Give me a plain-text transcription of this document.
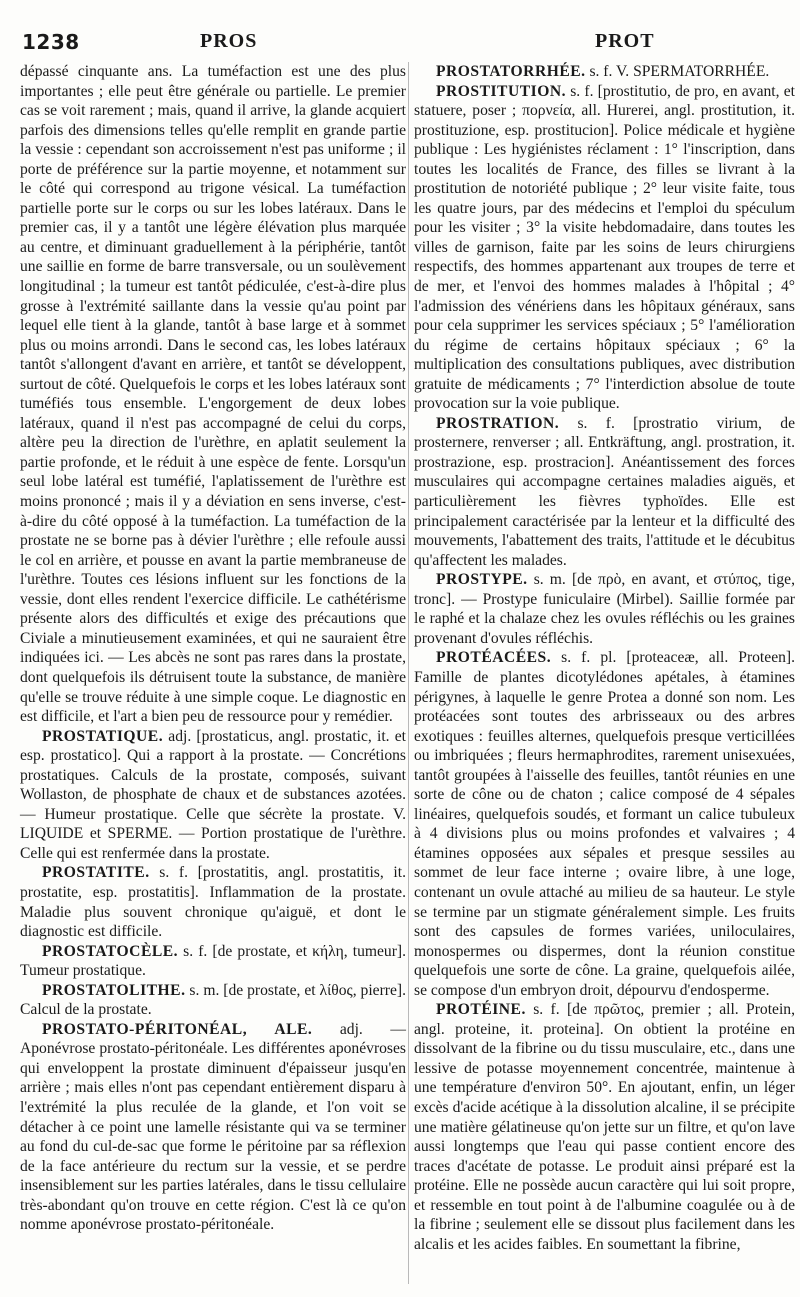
1238	PROS	PROT

dépassé cinquante ans. La tuméfaction est une des plus importantes ; elle peut être générale ou partielle. Le premier cas se voit rarement ; mais, quand il arrive, la glande acquiert parfois des dimensions telles qu'elle remplit en grande partie la vessie : cependant son accroissement n'est pas uniforme ; il porte de préférence sur la partie moyenne, et notamment sur le côté qui correspond au trigone vésical. La tuméfaction partielle porte sur le corps ou sur les lobes latéraux. Dans le premier cas, il y a tantôt une légère élévation plus marquée au centre, et diminuant graduellement à la périphérie, tantôt une saillie en forme de barre transversale, ou un soulèvement longitudinal ; la tumeur est tantôt pédiculée, c'est-à-dire plus grosse à l'extrémité saillante dans la vessie qu'au point par lequel elle tient à la glande, tantôt à base large et à sommet plus ou moins arrondi. Dans le second cas, les lobes latéraux tantôt s'allongent d'avant en arrière, et tantôt se développent, surtout de côté. Quelquefois le corps et les lobes latéraux sont tuméfiés tous ensemble. L'engorgement de deux lobes latéraux, quand il n'est pas accompagné de celui du corps, altère peu la direction de l'urèthre, en aplatit seulement la partie profonde, et le réduit à une espèce de fente. Lorsqu'un seul lobe latéral est tuméfié, l'aplatissement de l'urèthre est moins prononcé ; mais il y a déviation en sens inverse, c'est-à-dire du côté opposé à la tuméfaction. La tuméfaction de la prostate ne se borne pas à dévier l'urèthre ; elle refoule aussi le col en arrière, et pousse en avant la partie membraneuse de l'urèthre. Toutes ces lésions influent sur les fonctions de la vessie, dont elles rendent l'exercice difficile. Le cathétérisme présente alors des difficultés et exige des précautions que Civiale a minutieusement examinées, et qui ne sauraient être indiquées ici. — Les abcès ne sont pas rares dans la prostate, dont quelquefois ils détruisent toute la substance, de manière qu'elle se trouve réduite à une simple coque. Le diagnostic en est difficile, et l'art a bien peu de ressource pour y remédier.

PROSTATIQUE. adj. [prostaticus, angl. prostatic, it. et esp. prostatico]. Qui a rapport à la prostate. — Concrétions prostatiques. Calculs de la prostate, composés, suivant Wollaston, de phosphate de chaux et de substances azotées. — Humeur prostatique. Celle que sécrète la prostate. V. LIQUIDE et SPERME. — Portion prostatique de l'urèthre. Celle qui est renfermée dans la prostate.

PROSTATITE. s. f. [prostatitis, angl. prostatitis, it. prostatite, esp. prostatitis]. Inflammation de la prostate. Maladie plus souvent chronique qu'aiguë, et dont le diagnostic est difficile.

PROSTATOCÈLE. s. f. [de prostate, et κήλη, tumeur]. Tumeur prostatique.

PROSTATOLITHE. s. m. [de prostate, et λίθος, pierre]. Calcul de la prostate.

PROSTATO-PÉRITONÉAL, ALE. adj. — Aponévrose prostato-péritonéale. Les différentes aponévroses qui enveloppent la prostate diminuent d'épaisseur jusqu'en arrière ; mais elles n'ont pas cependant entièrement disparu à l'extrémité la plus reculée de la glande, et l'on voit se détacher à ce point une lamelle résistante qui va se terminer au fond du cul-de-sac que forme le péritoine par sa réflexion de la face antérieure du rectum sur la vessie, et se perdre insensiblement sur les parties latérales, dans le tissu cellulaire très-abondant qu'on trouve en cette région. C'est là ce qu'on nomme aponévrose prostato-péritonéale.

PROSTATORRHÉE. s. f. V. SPERMATORRHÉE.

PROSTITUTION. s. f. [prostitutio, de pro, en avant, et statuere, poser ; πορνεία, all. Hurerei, angl. prostitution, it. prostituzione, esp. prostitucion]. Police médicale et hygiène publique : Les hygiénistes réclament : 1° l'inscription, dans toutes les localités de France, des filles se livrant à la prostitution de notoriété publique ; 2° leur visite faite, tous les quatre jours, par des médecins et l'emploi du spéculum pour les visiter ; 3° la visite hebdomadaire, dans toutes les villes de garnison, faite par les soins de leurs chirurgiens respectifs, des hommes appartenant aux troupes de terre et de mer, et l'envoi des hommes malades à l'hôpital ; 4° l'admission des vénériens dans les hôpitaux généraux, sans pour cela supprimer les services spéciaux ; 5° l'amélioration du régime de certains hôpitaux spéciaux ; 6° la multiplication des consultations publiques, avec distribution gratuite de médicaments ; 7° l'interdiction absolue de toute provocation sur la voie publique.

PROSTRATION. s. f. [prostratio virium, de prosternere, renverser ; all. Entkräftung, angl. prostration, it. prostrazione, esp. prostracion]. Anéantissement des forces musculaires qui accompagne certaines maladies aiguës, et particulièrement les fièvres typhoïdes. Elle est principalement caractérisée par la lenteur et la difficulté des mouvements, l'abattement des traits, l'attitude et le décubitus qu'affectent les malades.

PROSTYPE. s. m. [de πρὸ, en avant, et στύπος, tige, tronc]. — Prostype funiculaire (Mirbel). Saillie formée par le raphé et la chalaze chez les ovules réfléchis ou les graines provenant d'ovules réfléchis.

PROTÉACÉES. s. f. pl. [proteaceæ, all. Proteen]. Famille de plantes dicotylédones apétales, à étamines périgynes, à laquelle le genre Protea a donné son nom. Les protéacées sont toutes des arbrisseaux ou des arbres exotiques : feuilles alternes, quelquefois presque verticillées ou imbriquées ; fleurs hermaphrodites, rarement unisexuées, tantôt groupées à l'aisselle des feuilles, tantôt réunies en une sorte de cône ou de chaton ; calice composé de 4 sépales linéaires, quelquefois soudés, et formant un calice tubuleux à 4 divisions plus ou moins profondes et valvaires ; 4 étamines opposées aux sépales et presque sessiles au sommet de leur face interne ; ovaire libre, à une loge, contenant un ovule attaché au milieu de sa hauteur. Le style se termine par un stigmate généralement simple. Les fruits sont des capsules de formes variées, uniloculaires, monospermes ou dispermes, dont la réunion constitue quelquefois une sorte de cône. La graine, quelquefois ailée, se compose d'un embryon droit, dépourvu d'endosperme.

PROTÉINE. s. f. [de πρῶτος, premier ; all. Protein, angl. proteine, it. proteina]. On obtient la protéine en dissolvant de la fibrine ou du tissu musculaire, etc., dans une lessive de potasse moyennement concentrée, maintenue à une température d'environ 50°. En ajoutant, enfin, un léger excès d'acide acétique à la dissolution alcaline, il se précipite une matière gélatineuse qu'on jette sur un filtre, et qu'on lave aussi longtemps que l'eau qui passe contient encore des traces d'acétate de potasse. Le produit ainsi préparé est la protéine. Elle ne possède aucun caractère qui lui soit propre, et ressemble en tout point à de l'albumine coagulée ou à de la fibrine ; seulement elle se dissout plus facilement dans les alcalis et les acides faibles. En soumettant la fibrine,
